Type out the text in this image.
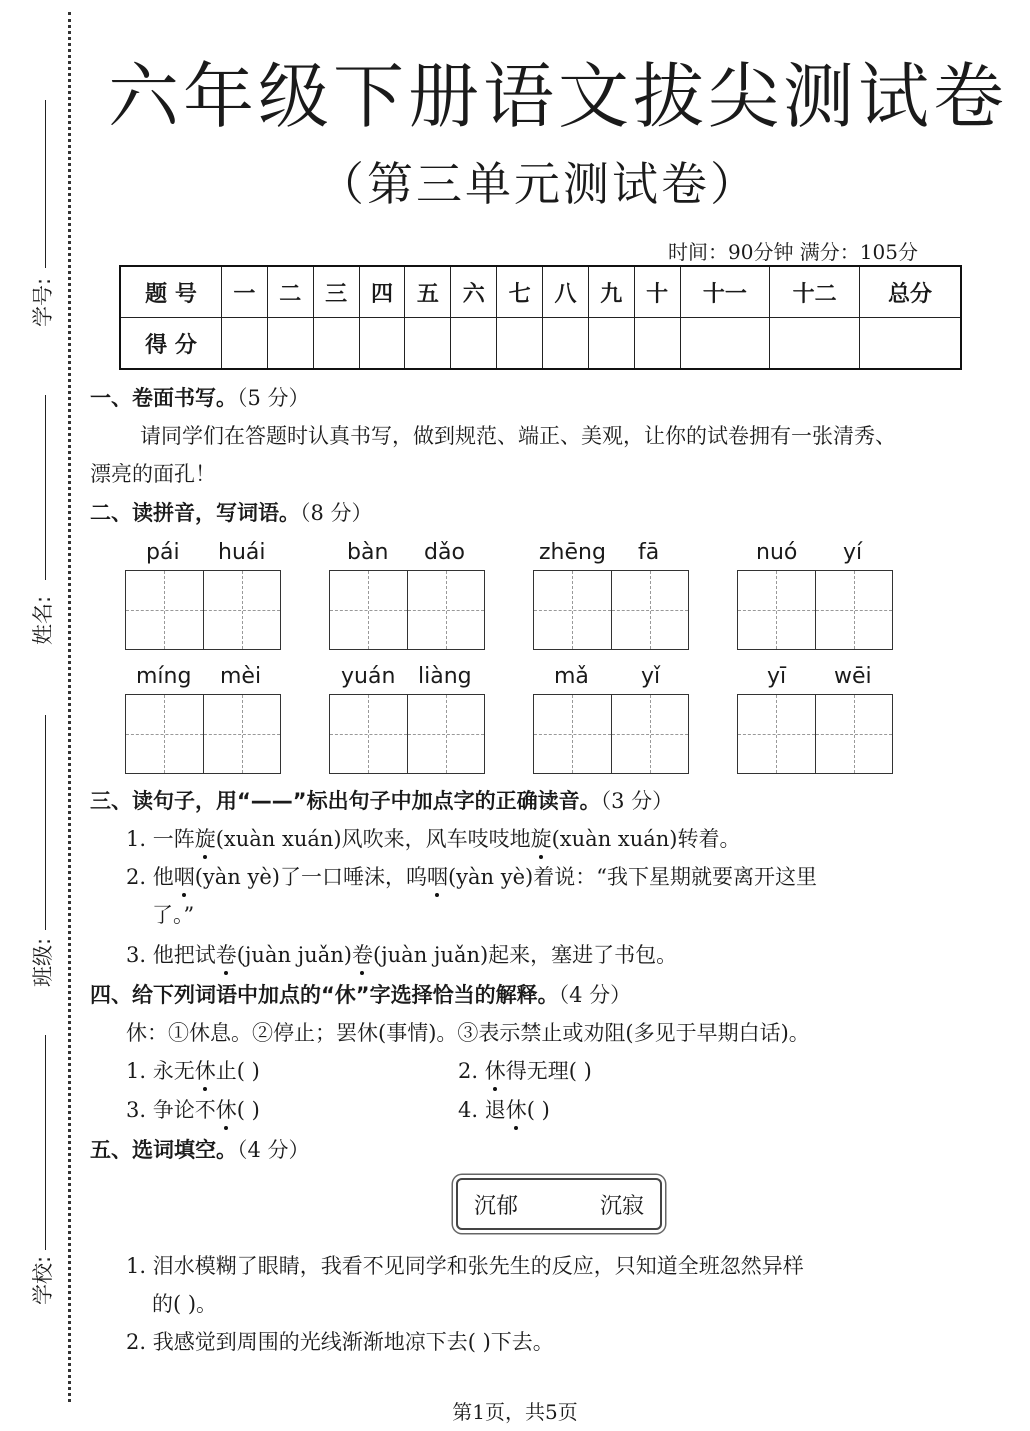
学号:
姓名:
班级:
学校:
六年级下册语文拔尖测试卷
（第三单元测试卷）
时间：90分钟 满分：105分
题 号	一	二	三	四	五	六	七	八	九	十	十一	十二	总分
得 分													
一、卷面书写。（5 分）
请同学们在答题时认真书写，做到规范、端正、美观，让你的试卷拥有一张清秀、
漂亮的面孔！
二、读拼音，写词语。（8 分）
pái huái	bàn dǎo	zhēng fā	nuó yí
míng mèi	yuán liàng	mǎ yǐ	yī wēi
三、读句子，用“——”标出句子中加点字的正确读音。（3 分）
1. 一阵旋(xuàn xuán)风吹来，风车吱吱地旋(xuàn xuán)转着。
2. 他咽(yàn yè)了一口唾沫，呜咽(yàn yè)着说：“我下星期就要离开这里
了。”
3. 他把试卷(juàn juǎn)卷(juàn juǎn)起来，塞进了书包。
四、给下列词语中加点的“休”字选择恰当的解释。（4 分）
休：①休息。②停止；罢休(事情)。③表示禁止或劝阻(多见于早期白话)。
1. 永无休止( )	2. 休得无理( )
3. 争论不休( )	4. 退休( )
五、选词填空。（4 分）
沉郁	沉寂
1. 泪水模糊了眼睛，我看不见同学和张先生的反应，只知道全班忽然异样
的( )。
2. 我感觉到周围的光线渐渐地凉下去( )下去。
第1页，共5页
